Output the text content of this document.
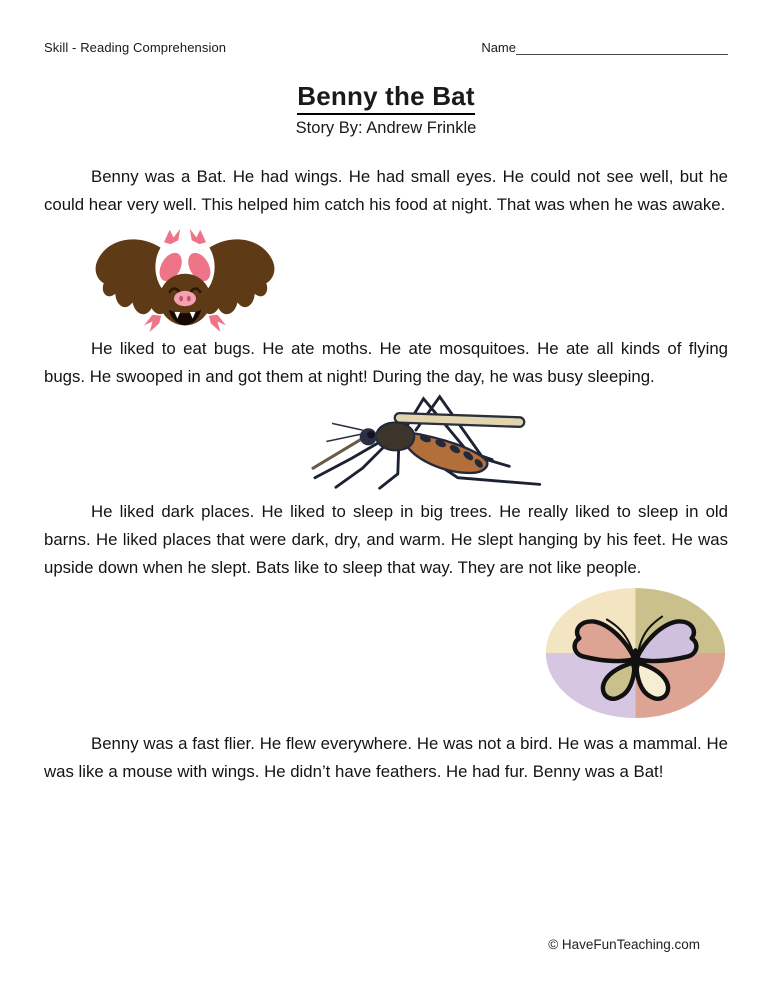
Skill - Reading Comprehension	Name
Benny the Bat
Story By: Andrew Frinkle

Benny was a Bat. He had wings. He had small eyes. He could not see well, but he could hear very well. This helped him catch his food at night. That was when he was awake.

He liked to eat bugs. He ate moths. He ate mosquitoes. He ate all kinds of flying bugs. He swooped in and got them at night! During the day, he was busy sleeping.

He liked dark places. He liked to sleep in big trees. He really liked to sleep in old barns. He liked places that were dark, dry, and warm. He slept hanging by his feet. He was upside down when he slept. Bats like to sleep that way. They are not like people.

Benny was a fast flier. He flew everywhere. He was not a bird. He was a mammal. He was like a mouse with wings. He didn’t have feathers. He had fur. Benny was a Bat!

© HaveFunTeaching.com
